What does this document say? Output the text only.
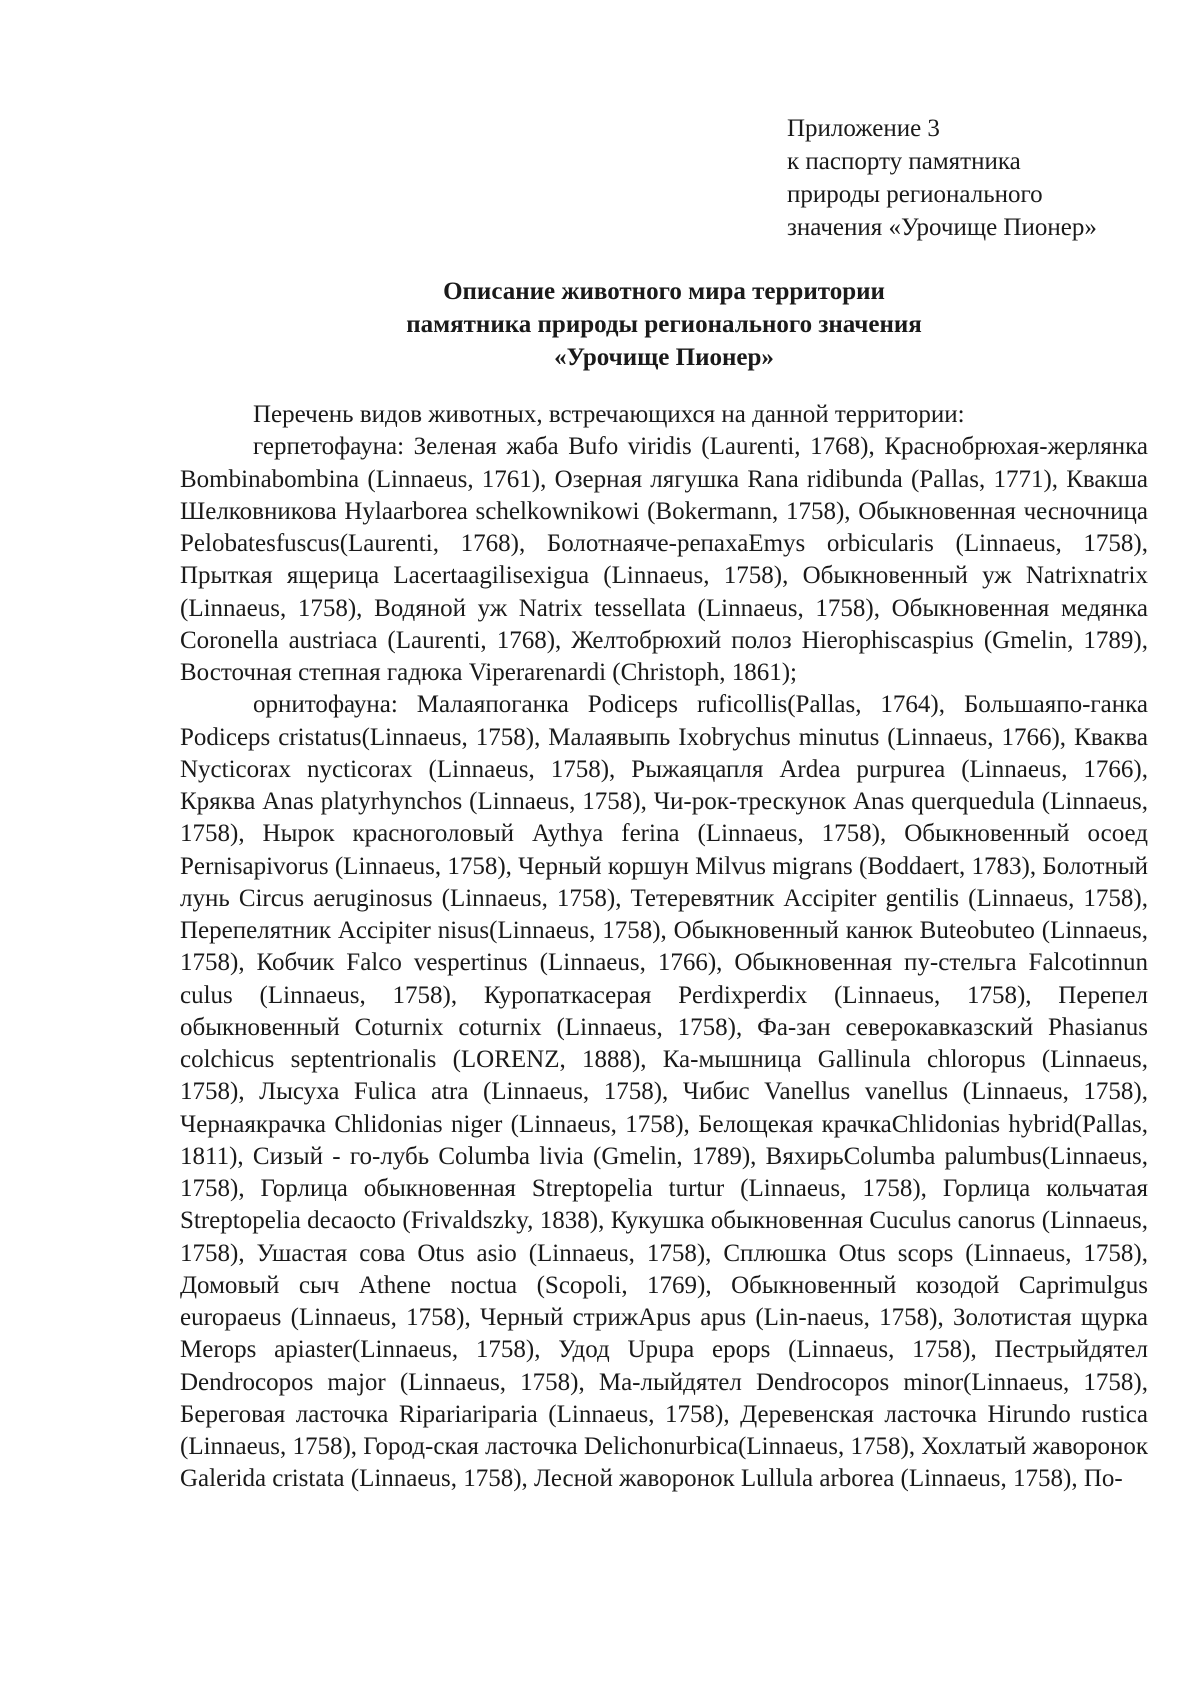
Приложение 3
к паспорту памятника
природы регионального
значения «Урочище Пионер»
Описание животного мира территории
памятника природы регионального значения
«Урочище Пионер»

Перечень видов животных, встречающихся на данной территории:

герпетофауна: Зеленая жаба Bufo viridis (Laurenti, 1768), Краснобрюхая-жерлянка Bombinabombina (Linnaeus, 1761), Озерная лягушка Rana ridibunda (Pallas, 1771), Квакша Шелковникова Hylaarborea schelkownikowi (Bokermann, 1758), Обыкновенная чесночница Pelobatesfuscus(Laurenti, 1768), Болотнаяче-репахаEmys orbicularis (Linnaeus, 1758), Прыткая ящерица Lacertaagilisexigua (Linnaeus, 1758), Обыкновенный уж Natrixnatrix (Linnaeus, 1758), Водяной уж Natrix tessellata (Linnaeus, 1758), Обыкновенная медянка Coronella austriaca (Laurenti, 1768), Желтобрюхий полоз Hierophiscaspius (Gmelin, 1789), Восточная степная гадюка Viperarenardi (Christoph, 1861);

орнитофауна: Малаяпоганка Podiceps ruficollis(Pallas, 1764), Большаяпо-ганка Podiceps cristatus(Linnaeus, 1758), Малаявыпь Ixobrychus minutus (Linnaeus, 1766), Кваква Nycticorax nycticorax (Linnaeus, 1758), Рыжаяцапля Ardea purpurea (Linnaeus, 1766), Кряква Anas platyrhynchos (Linnaeus, 1758), Чи-рок-трескунок Anas querquedula (Linnaeus, 1758), Нырок красноголовый Aythya ferina (Linnaeus, 1758), Обыкновенный осоед Pernisapivorus (Linnaeus, 1758), Черный коршун Milvus migrans (Boddaert, 1783), Болотный лунь Circus aeruginosus (Linnaeus, 1758), Тетеревятник Accipiter gentilis (Linnaeus, 1758), Перепелятник Accipiter nisus(Linnaeus, 1758), Обыкновенный канюк Buteobuteo (Linnaeus, 1758), Кобчик Falco vespertinus (Linnaeus, 1766), Обыкновенная пу-стельга Falcotinnun culus (Linnaeus, 1758), Куропаткасерая Perdixperdix (Linnaeus, 1758), Перепел обыкновенный Coturnix coturnix (Linnaeus, 1758), Фа-зан северокавказский Phasianus colchicus septentrionalis (LORENZ, 1888), Ка-мышница Gallinula chloropus (Linnaeus, 1758), Лысуха Fulica atra (Linnaeus, 1758), Чибис Vanellus vanellus (Linnaeus, 1758), Чернаякрачка Chlidonias niger (Linnaeus, 1758), Белощекая крачкаChlidonias hybrid(Pallas, 1811), Сизый - го-лубь Columba livia (Gmelin, 1789), ВяхирьColumba palumbus(Linnaeus, 1758), Горлица обыкновенная Streptopelia turtur (Linnaeus, 1758), Горлица кольчатая Streptopelia decaocto (Frivaldszky, 1838), Кукушка обыкновенная Cuculus canorus (Linnaeus, 1758), Ушастая сова Otus asio (Linnaeus, 1758), Сплюшка Otus scops (Linnaeus, 1758), Домовый сыч Athene noctua (Scopoli, 1769), Обыкновенный козодой Caprimulgus europaeus (Linnaeus, 1758), Черный стрижApus apus (Lin-naeus, 1758), Золотистая щурка Merops apiaster(Linnaeus, 1758), Удод Upupa epops (Linnaeus, 1758), Пестрыйдятел Dendrocopos major (Linnaeus, 1758), Ма-лыйдятел Dendrocopos minor(Linnaeus, 1758), Береговая ласточка Ripariariparia (Linnaeus, 1758), Деревенская ласточка Hirundo rustica (Linnaeus, 1758), Город-ская ласточка Delichonurbica(Linnaeus, 1758), Хохлатый жаворонок Galerida cristata (Linnaeus, 1758), Лесной жаворонок Lullula arborea (Linnaeus, 1758), По-
